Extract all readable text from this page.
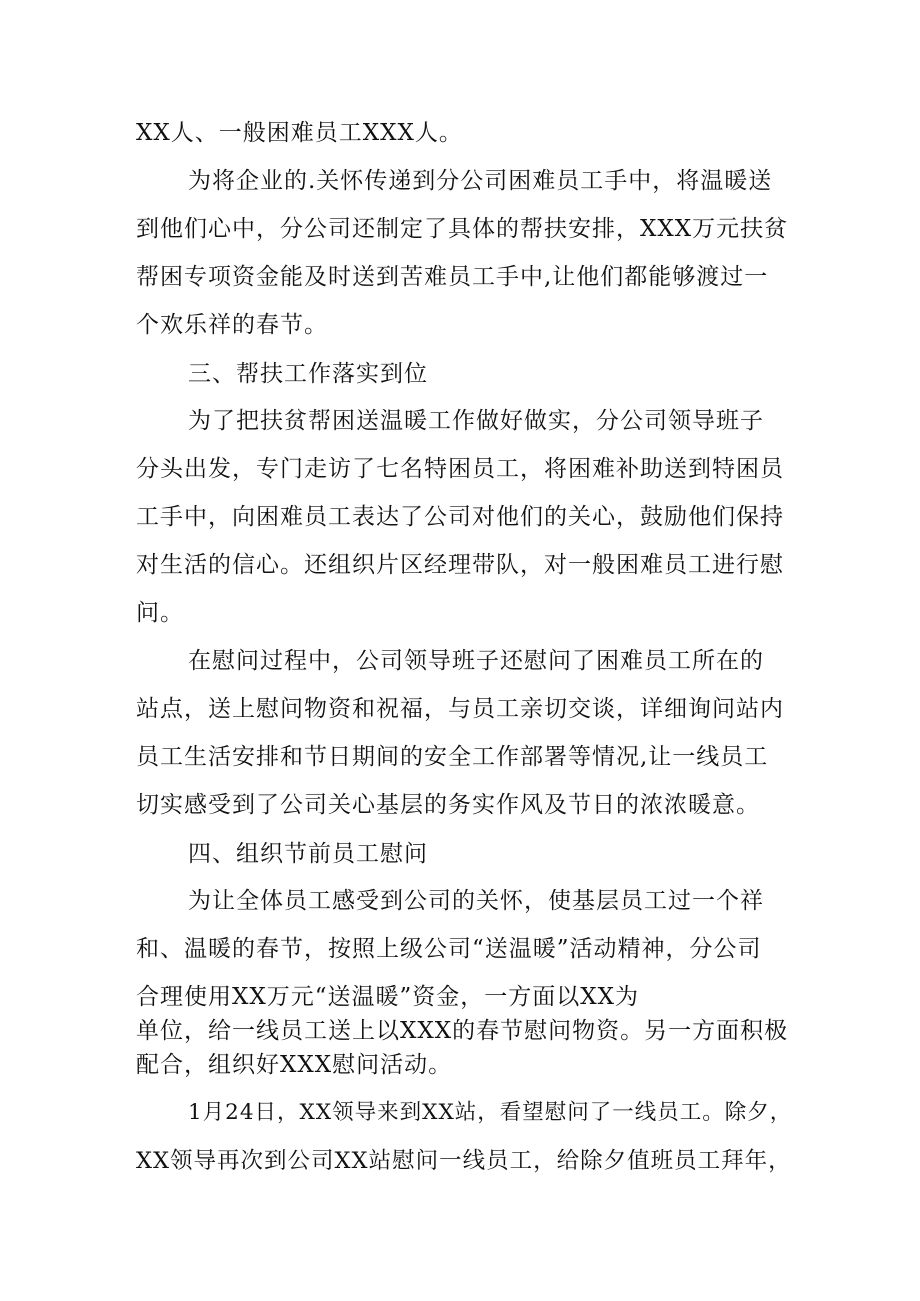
XX人、一般困难员工XXX人。
为将企业的.关怀传递到分公司困难员工手中，将温暖送
到他们心中，分公司还制定了具体的帮扶安排，XXX万元扶贫
帮困专项资金能及时送到苦难员工手中,让他们都能够渡过一
个欢乐祥的春节。
三、帮扶工作落实到位
为了把扶贫帮困送温暖工作做好做实，分公司领导班子
分头出发，专门走访了七名特困员工，将困难补助送到特困员
工手中，向困难员工表达了公司对他们的关心，鼓励他们保持
对生活的信心。还组织片区经理带队，对一般困难员工进行慰
问。
在慰问过程中，公司领导班子还慰问了困难员工所在的
站点，送上慰问物资和祝福，与员工亲切交谈，详细询问站内
员工生活安排和节日期间的安全工作部署等情况,让一线员工
切实感受到了公司关心基层的务实作风及节日的浓浓暖意。
四、组织节前员工慰问
为让全体员工感受到公司的关怀，使基层员工过一个祥
和、温暖的春节，按照上级公司“送温暖”活动精神，分公司
合理使用XX万元“送温暖”资金，一方面以XX为
单位，给一线员工送上以XXX的春节慰问物资。另一方面积极
配合，组织好XXX慰问活动。
1月24日，XX领导来到XX站，看望慰问了一线员工。除夕，
XX领导再次到公司XX站慰问一线员工，给除夕值班员工拜年，
